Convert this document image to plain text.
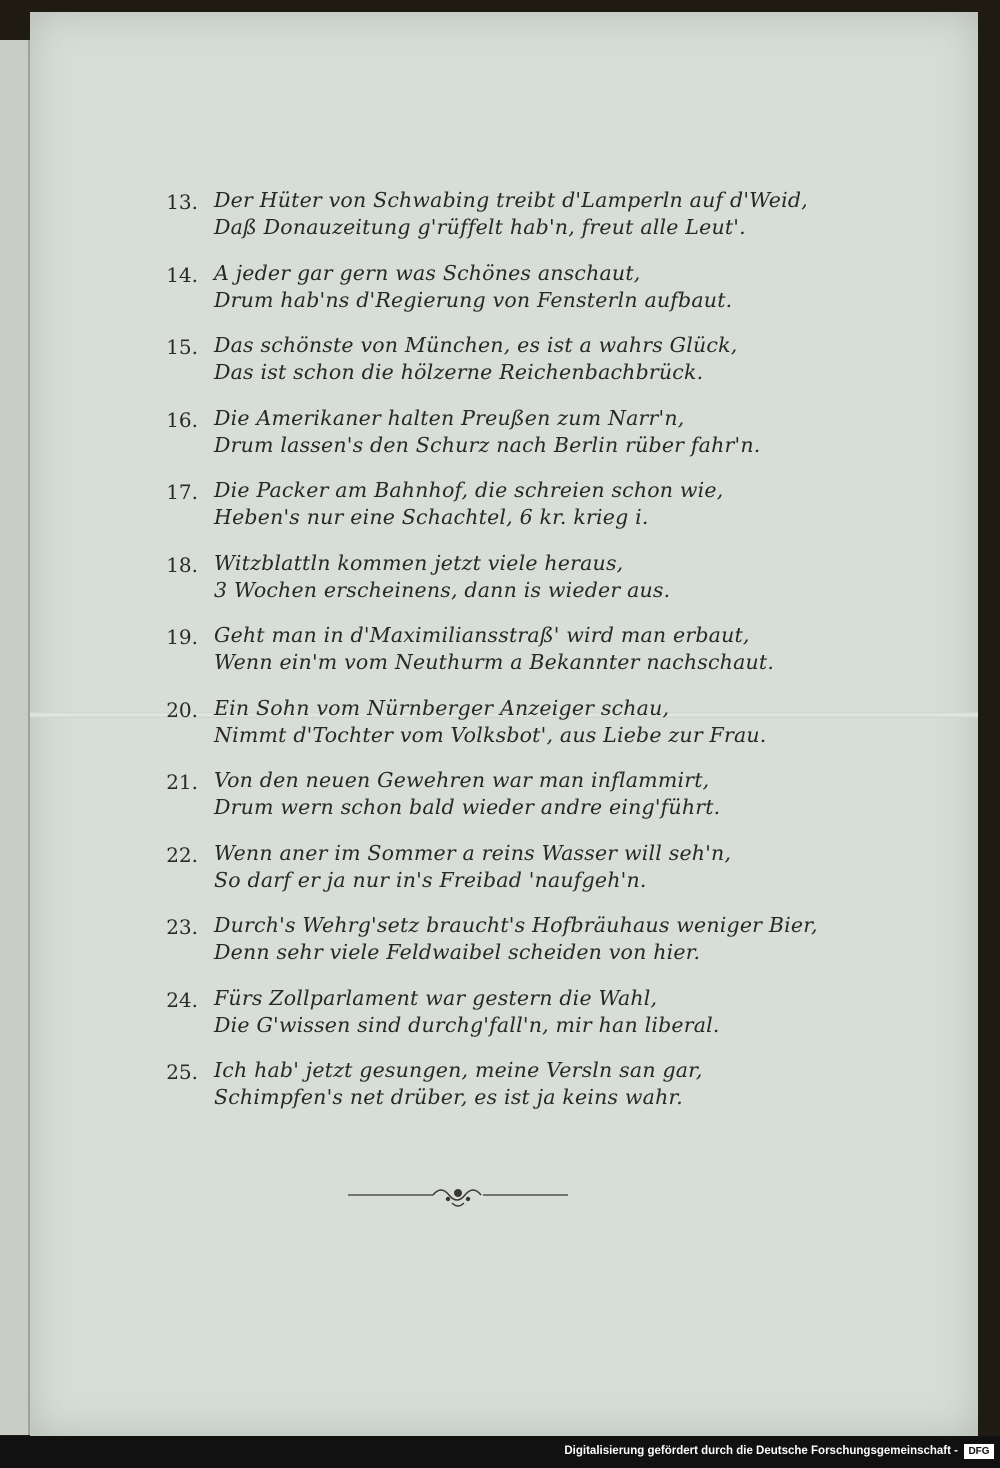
13. Der Hüter von Schwabing treibt d'Lamperln auf d'Weid,
Daß Donauzeitung g'rüffelt hab'n, freut alle Leut'.
14. A jeder gar gern was Schönes anschaut,
Drum hab'ns d'Regierung von Fensterln aufbaut.
15. Das schönste von München, es ist a wahrs Glück,
Das ist schon die hölzerne Reichenbachbrück.
16. Die Amerikaner halten Preußen zum Narr'n,
Drum lassen's den Schurz nach Berlin rüber fahr'n.
17. Die Packer am Bahnhof, die schreien schon wie,
Heben's nur eine Schachtel, 6 kr. krieg i.
18. Witzblattln kommen jetzt viele heraus,
3 Wochen erscheinens, dann is wieder aus.
19. Geht man in d'Maximiliansstraß' wird man erbaut,
Wenn ein'm vom Neuthurm a Bekannter nachschaut.
20. Ein Sohn vom Nürnberger Anzeiger schau,
Nimmt d'Tochter vom Volksbot', aus Liebe zur Frau.
21. Von den neuen Gewehren war man inflammirt,
Drum wern schon bald wieder andre eing'führt.
22. Wenn aner im Sommer a reins Wasser will seh'n,
So darf er ja nur in's Freibad 'naufgeh'n.
23. Durch's Wehrg'setz braucht's Hofbräuhaus weniger Bier,
Denn sehr viele Feldwaibel scheiden von hier.
24. Fürs Zollparlament war gestern die Wahl,
Die G'wissen sind durchg'fall'n, mir han liberal.
25. Ich hab' jetzt gesungen, meine Versln san gar,
Schimpfen's net drüber, es ist ja keins wahr.
Digitalisierung gefördert durch die Deutsche Forschungsgemeinschaft -	DFG
